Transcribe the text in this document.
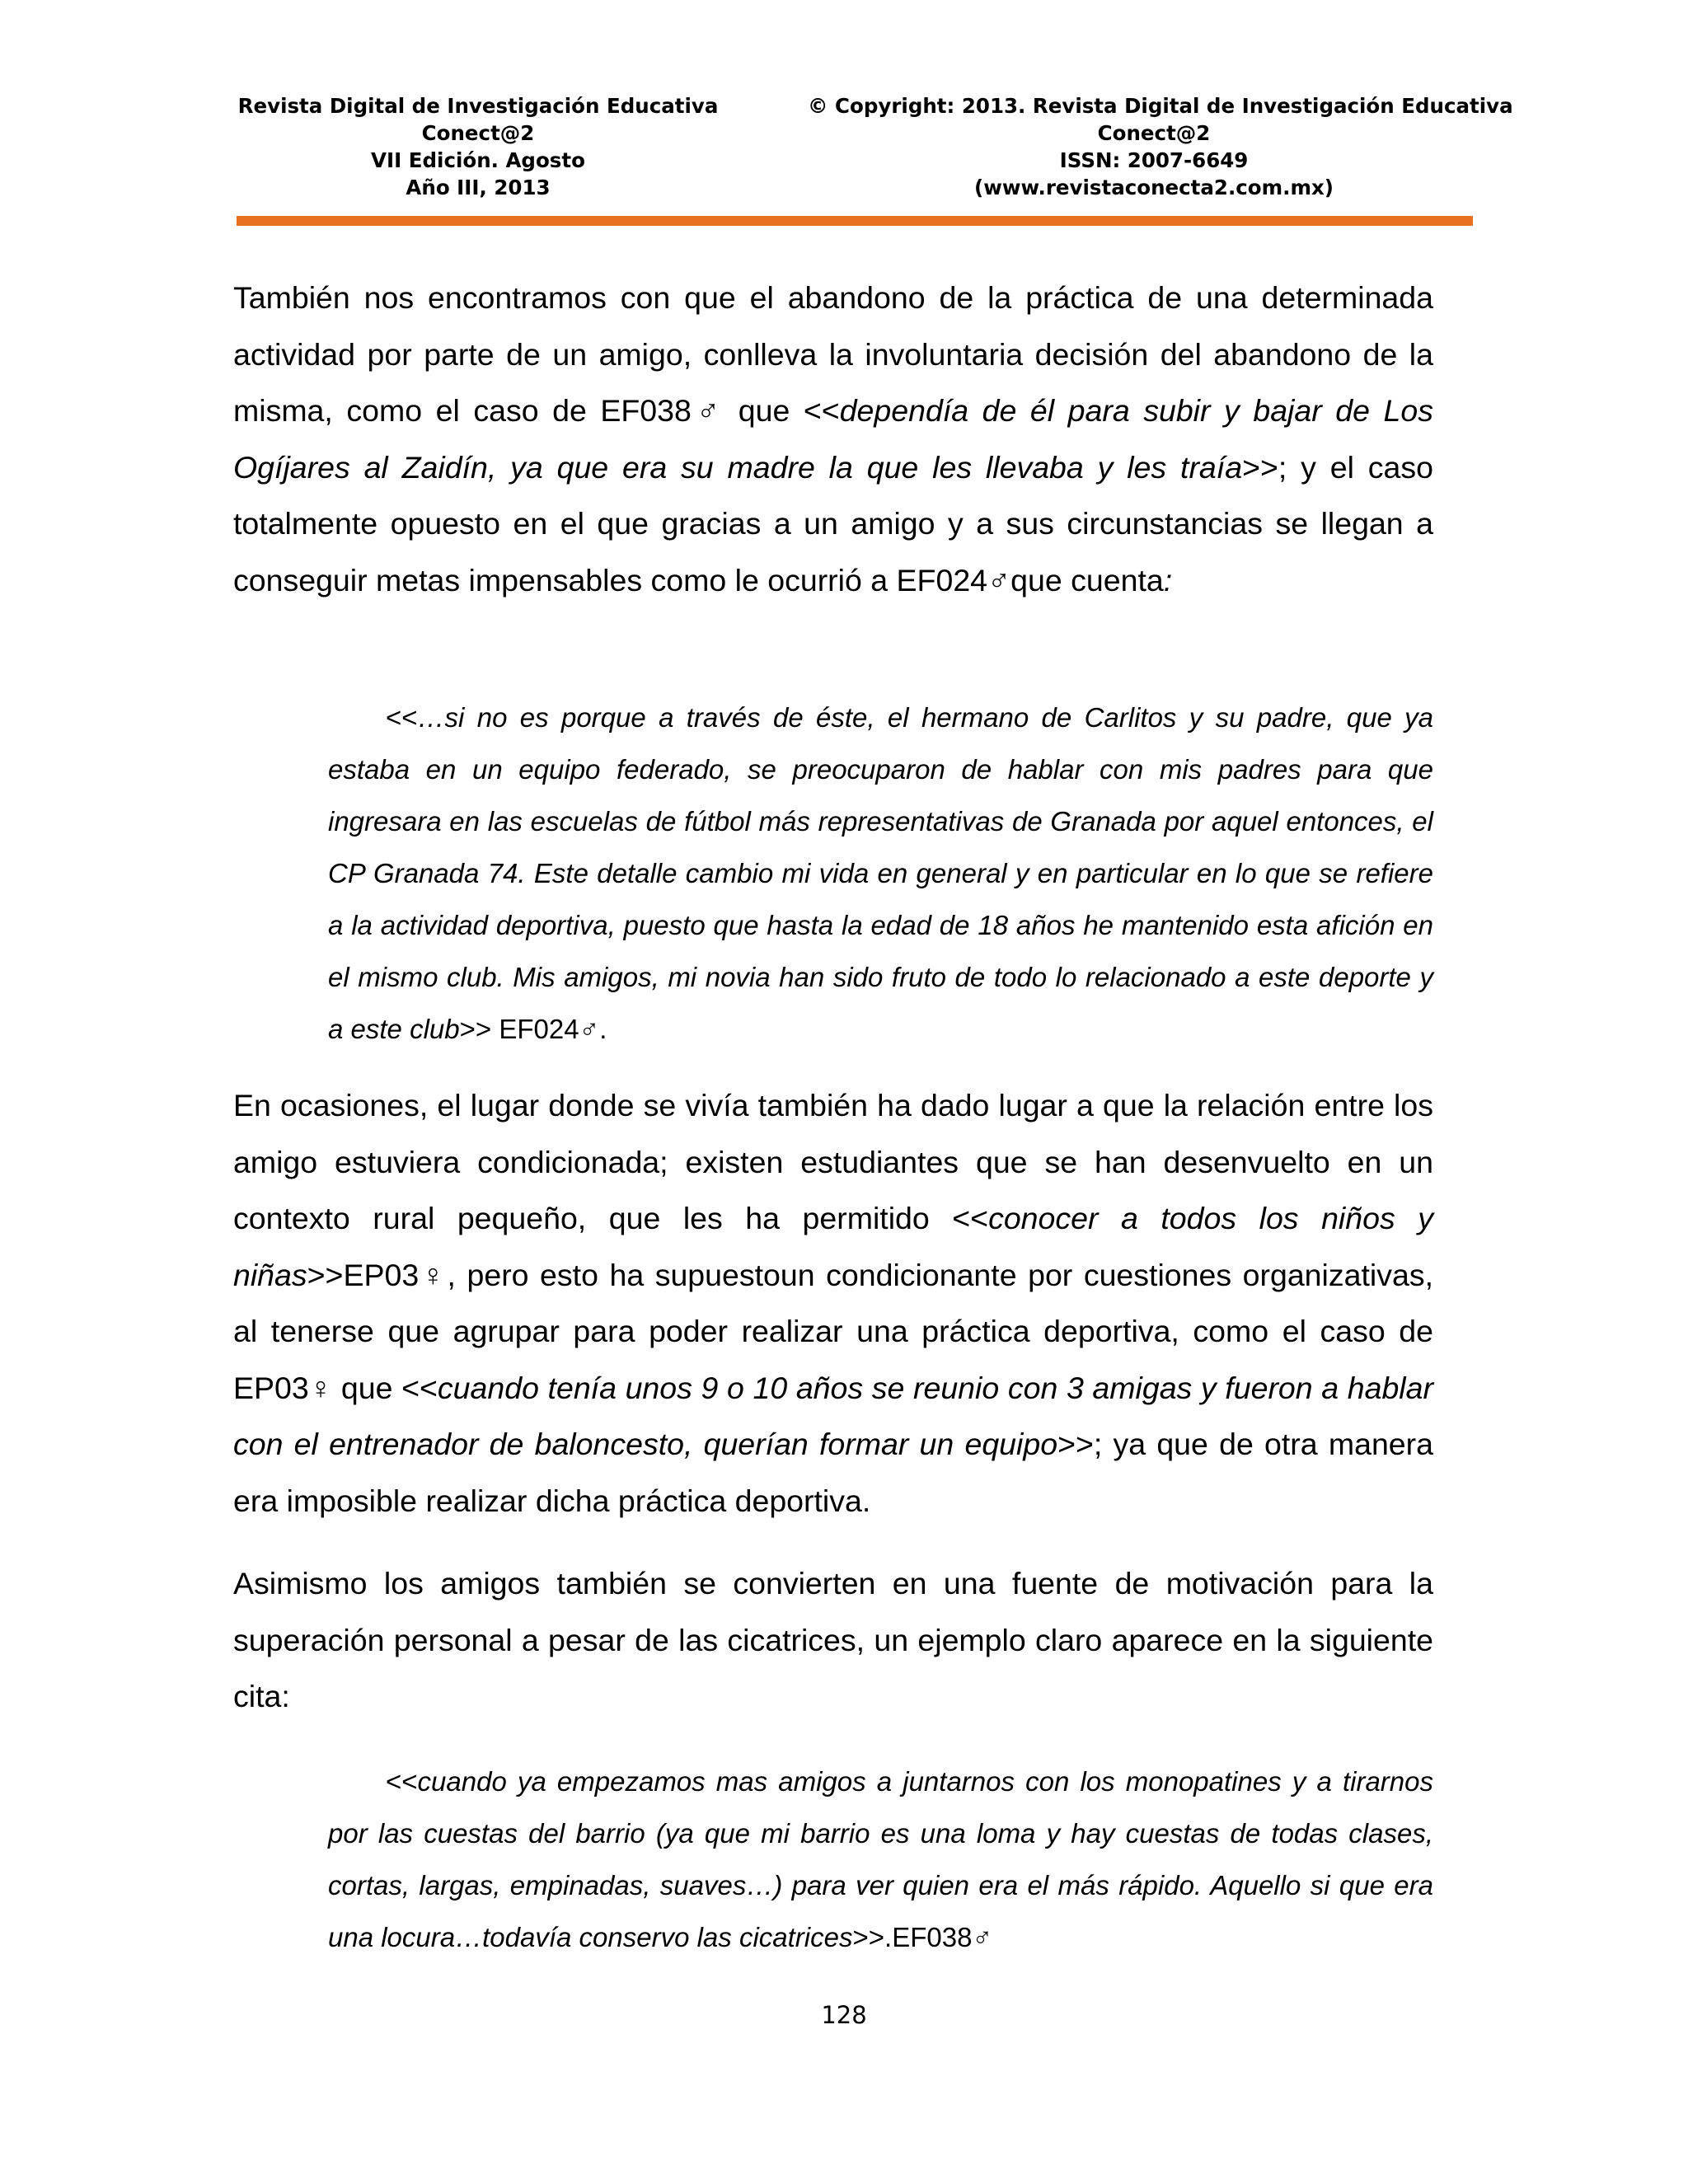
Revista Digital de Investigación Educativa
Conect@2
VII Edición. Agosto
Año III, 2013
© Copyright: 2013. Revista Digital de Investigación Educativa
Conect@2
ISSN: 2007-6649
(www.revistaconecta2.com.mx)

También nos encontramos con que el abandono de la práctica de una determinada actividad por parte de un amigo, conlleva la involuntaria decisión del abandono de la misma, como el caso de EF038♂ que <<dependía de él para subir y bajar de Los Ogíjares al Zaidín, ya que era su madre la que les llevaba y les traía>>; y el caso totalmente opuesto en el que gracias a un amigo y a sus circunstancias se llegan a conseguir metas impensables como le ocurrió a EF024♂que cuenta:

<<…si no es porque a través de éste, el hermano de Carlitos y su padre, que ya estaba en un equipo federado, se preocuparon de hablar con mis padres para que ingresara en las escuelas de fútbol más representativas de Granada por aquel entonces, el CP Granada 74. Este detalle cambio mi vida en general y en particular en lo que se refiere a la actividad deportiva, puesto que hasta la edad de 18 años he mantenido esta afición en el mismo club. Mis amigos, mi novia han sido fruto de todo lo relacionado a este deporte y a este club>> EF024♂.

En ocasiones, el lugar donde se vivía también ha dado lugar a que la relación entre los amigo estuviera condicionada; existen estudiantes que se han desenvuelto en un contexto rural pequeño, que les ha permitido <<conocer a todos los niños y niñas>>EP03♀, pero esto ha supuestoun condicionante por cuestiones organizativas, al tenerse que agrupar para poder realizar una práctica deportiva, como el caso de EP03♀ que <<cuando tenía unos 9 o 10 años se reunio con 3 amigas y fueron a hablar con el entrenador de baloncesto, querían formar un equipo>>; ya que de otra manera era imposible realizar dicha práctica deportiva.

Asimismo los amigos también se convierten en una fuente de motivación para la superación personal a pesar de las cicatrices, un ejemplo claro aparece en la siguiente cita:

<<cuando ya empezamos mas amigos a juntarnos con los monopatines y a tirarnos por las cuestas del barrio (ya que mi barrio es una loma y hay cuestas de todas clases, cortas, largas, empinadas, suaves…) para ver quien era el más rápido. Aquello si que era una locura…todavía conservo las cicatrices>>.EF038♂

128
